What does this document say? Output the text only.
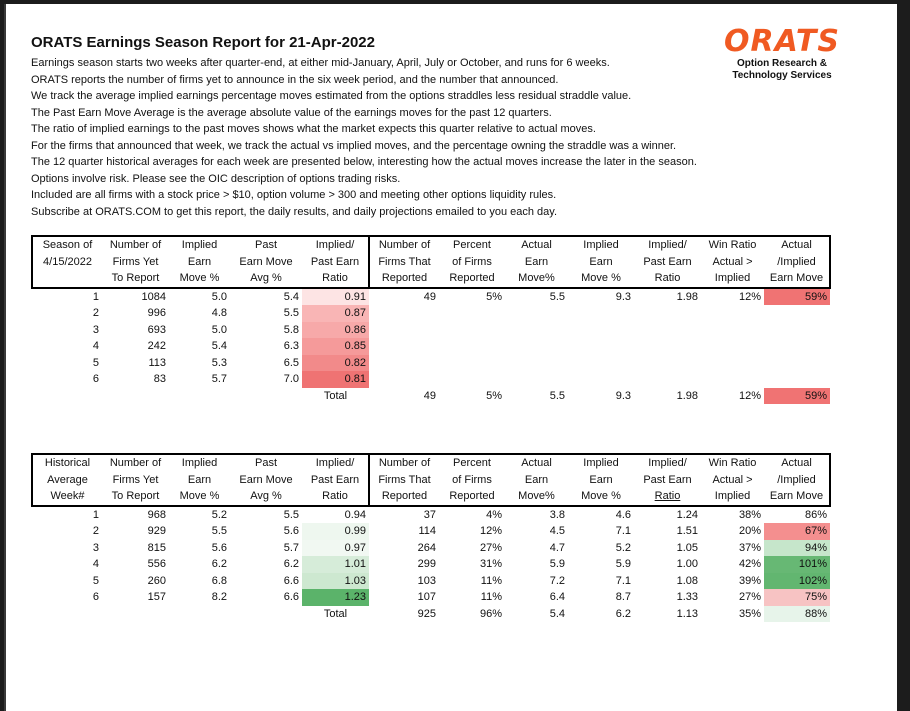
ORATS Earnings Season Report for 21-Apr-2022
Earnings season starts two weeks after quarter-end, at either mid-January, April, July or October, and runs for 6 weeks.
ORATS reports the number of firms yet to announce in the six week period, and the number that announced.
We track the average implied earnings percentage moves estimated from the options straddles less residual straddle value.
The Past Earn Move Average is the average absolute value of the earnings moves for the past 12 quarters.
The ratio of implied earnings to the past moves shows what the market expects this quarter relative to actual moves.
For the firms that announced that week, we track the actual vs implied moves, and the percentage owning the straddle was a winner.
The 12 quarter historical averages for each week are presented below, interesting how the actual moves increase the later in the season.
Options involve risk. Please see the OIC description of options trading risks.
Included are all firms with a stock price > $10, option volume > 300 and meeting other options liquidity rules.
Subscribe at ORATS.COM to get this report, the daily results, and daily projections emailed to you each day.
ORATS
Option Research &
Technology Services
Season of	Number of	Implied	Past	Implied/	Number of	Percent	Actual	Implied	Implied/	Win Ratio	Actual
4/15/2022	Firms Yet	Earn	Earn Move	Past Earn	Firms That	of Firms	Earn	Earn	Past Earn	Actual >	/Implied
	To Report	Move %	Avg %	Ratio	Reported	Reported	Move%	Move %	Ratio	Implied	Earn Move
1	1084	5.0	5.4	0.91	49	5%	5.5	9.3	1.98	12%	59%
2	996	4.8	5.5	0.87							
3	693	5.0	5.8	0.86							
4	242	5.4	6.3	0.85							
5	113	5.3	6.5	0.82							
6	83	5.7	7.0	0.81							
				Total	49	5%	5.5	9.3	1.98	12%	59%
Historical	Number of	Implied	Past	Implied/	Number of	Percent	Actual	Implied	Implied/	Win Ratio	Actual
Average	Firms Yet	Earn	Earn Move	Past Earn	Firms That	of Firms	Earn	Earn	Past Earn	Actual >	/Implied
Week#	To Report	Move %	Avg %	Ratio	Reported	Reported	Move%	Move %	Ratio	Implied	Earn Move
1	968	5.2	5.5	0.94	37	4%	3.8	4.6	1.24	38%	86%
2	929	5.5	5.6	0.99	114	12%	4.5	7.1	1.51	20%	67%
3	815	5.6	5.7	0.97	264	27%	4.7	5.2	1.05	37%	94%
4	556	6.2	6.2	1.01	299	31%	5.9	5.9	1.00	42%	101%
5	260	6.8	6.6	1.03	103	11%	7.2	7.1	1.08	39%	102%
6	157	8.2	6.6	1.23	107	11%	6.4	8.7	1.33	27%	75%
				Total	925	96%	5.4	6.2	1.13	35%	88%
